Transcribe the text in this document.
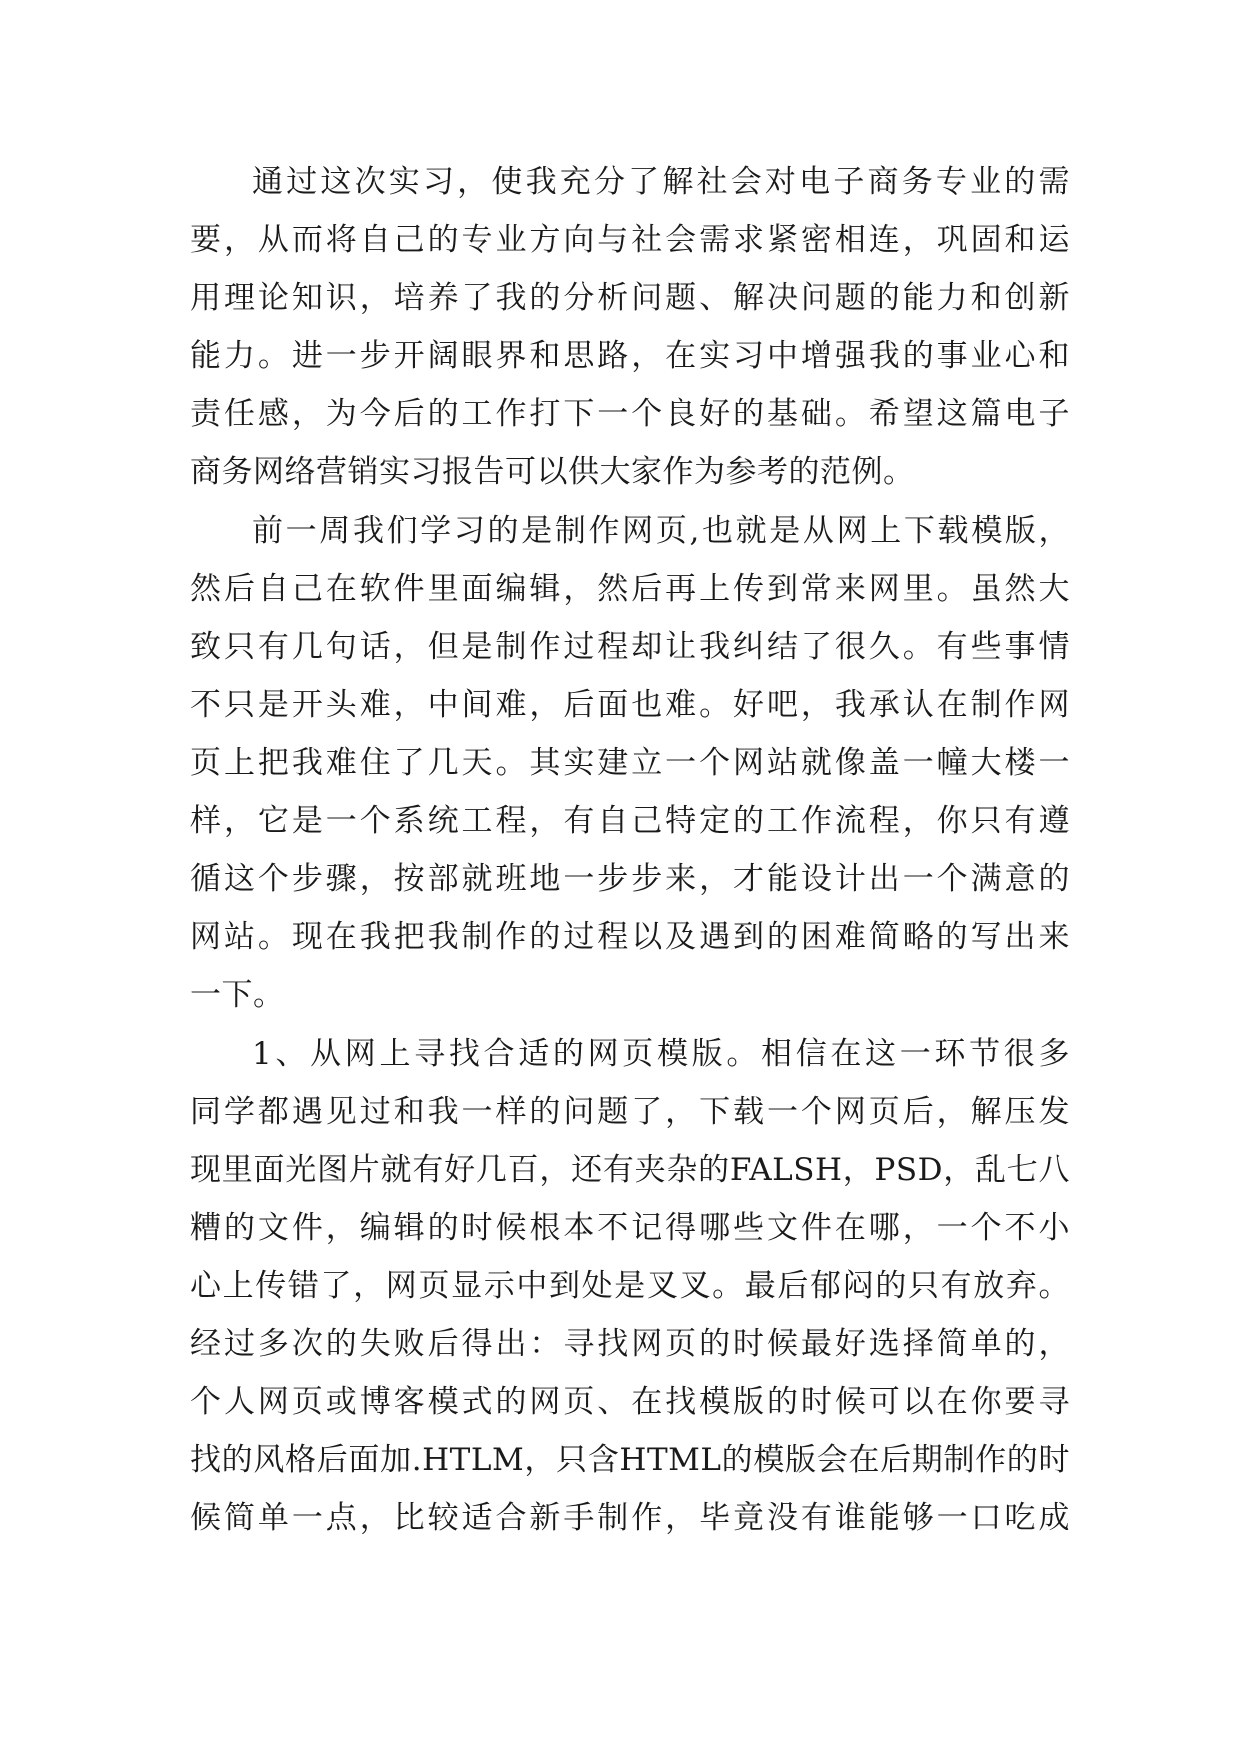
通过这次实习，使我充分了解社会对电子商务专业的需

要，从而将自己的专业方向与社会需求紧密相连，巩固和运

用理论知识，培养了我的分析问题、解决问题的能力和创新

能力。进一步开阔眼界和思路，在实习中增强我的事业心和

责任感，为今后的工作打下一个良好的基础。希望这篇电子

商务网络营销实习报告可以供大家作为参考的范例。

前一周我们学习的是制作网页,也就是从网上下载模版，

然后自己在软件里面编辑，然后再上传到常来网里。虽然大

致只有几句话，但是制作过程却让我纠结了很久。有些事情

不只是开头难，中间难，后面也难。好吧，我承认在制作网

页上把我难住了几天。其实建立一个网站就像盖一幢大楼一

样，它是一个系统工程，有自己特定的工作流程，你只有遵

循这个步骤，按部就班地一步步来，才能设计出一个满意的

网站。现在我把我制作的过程以及遇到的困难简略的写出来

一下。

1、从网上寻找合适的网页模版。相信在这一环节很多

同学都遇见过和我一样的问题了，下载一个网页后，解压发

现里面光图片就有好几百，还有夹杂的FALSH，PSD，乱七八

糟的文件，编辑的时候根本不记得哪些文件在哪，一个不小

心上传错了，网页显示中到处是叉叉。最后郁闷的只有放弃。

经过多次的失败后得出：寻找网页的时候最好选择简单的，

个人网页或博客模式的网页、在找模版的时候可以在你要寻

找的风格后面加.HTLM，只含HTML的模版会在后期制作的时

候简单一点，比较适合新手制作，毕竟没有谁能够一口吃成
